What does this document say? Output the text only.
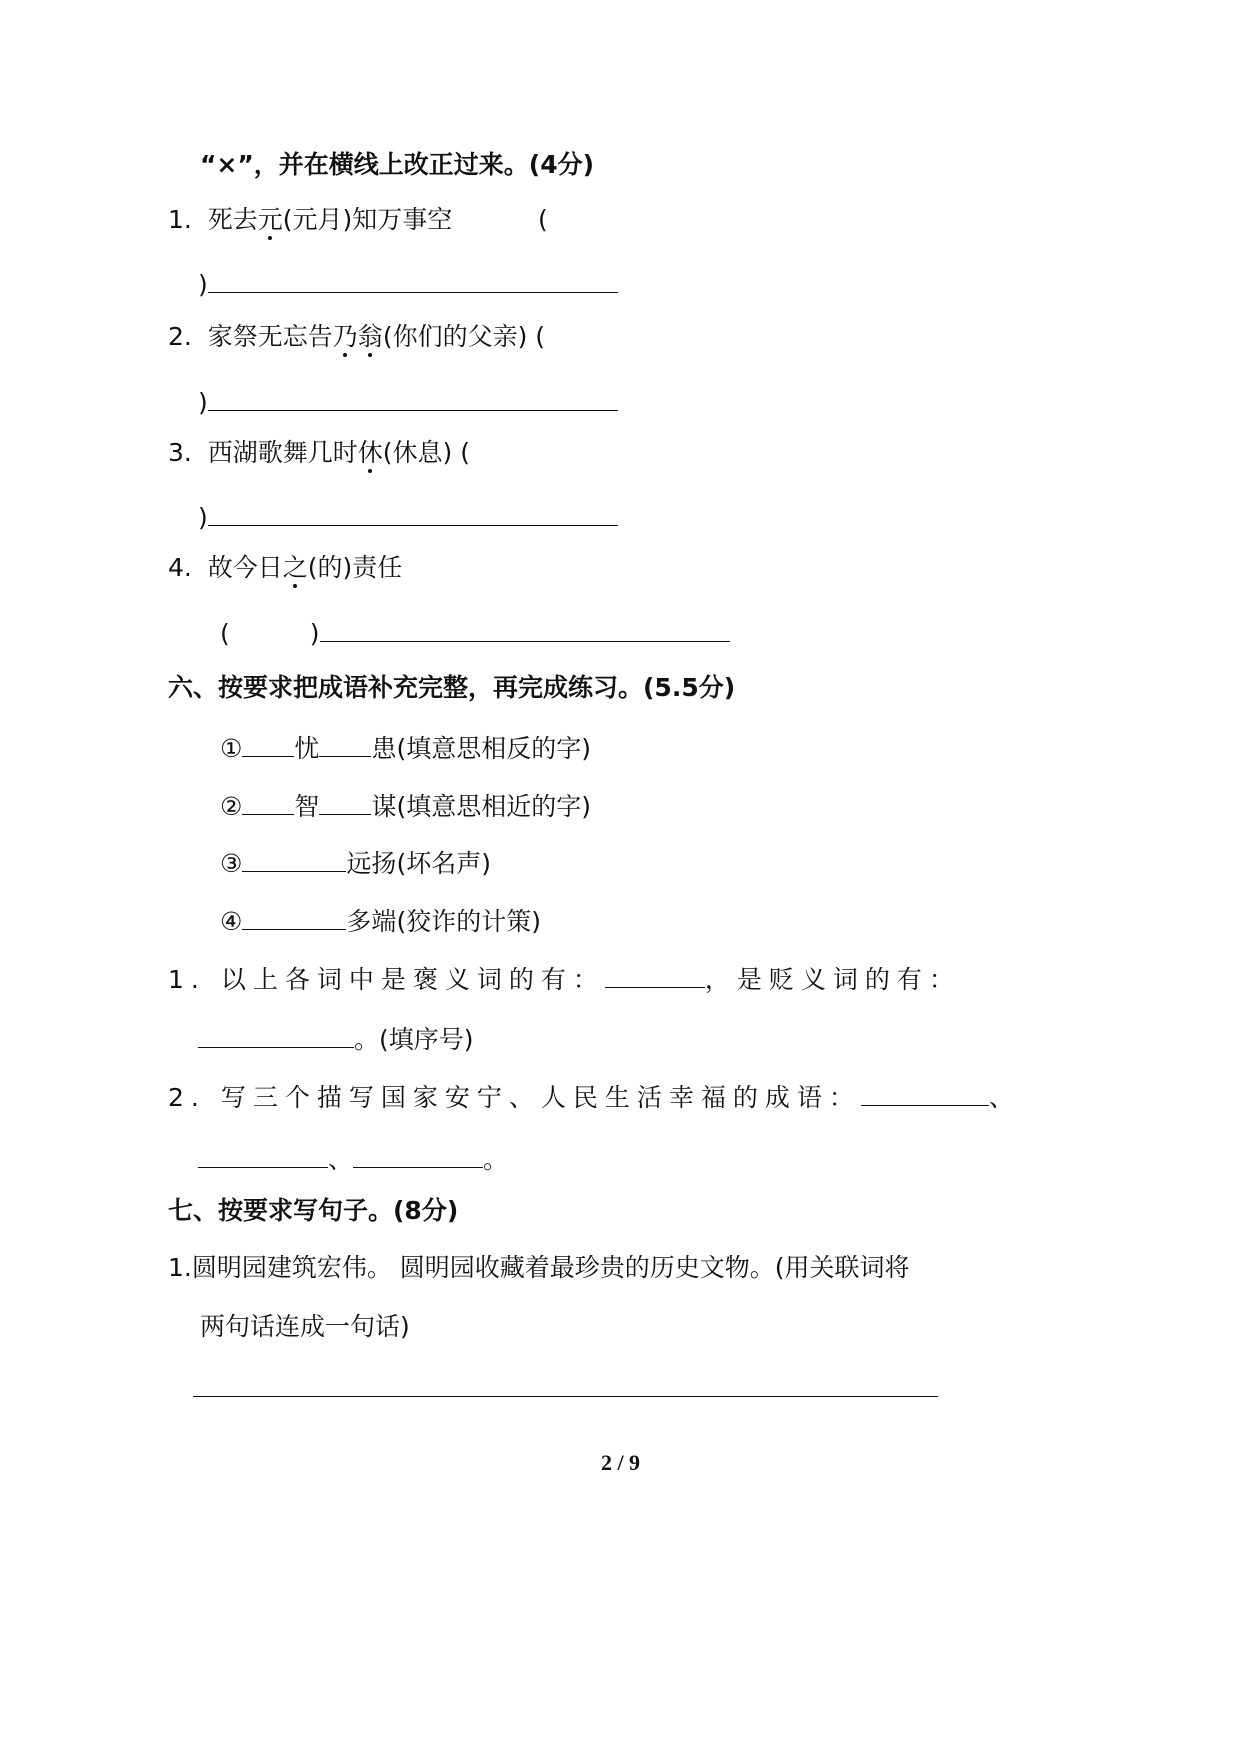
“×”，并在横线上改正过来。(4分)
1. 死去元(元月)知万事空	(
)
2. 家祭无忘告乃翁(你们的父亲) (
)
3. 西湖歌舞几时休(休息) (
)
4. 故今日之(的)责任
(	)
六、按要求把成语补充完整，再完成练习。(5.5分)
① 忧 患(填意思相反的字)
② 智 谋(填意思相近的字)
③	远扬(坏名声)
④	多端(狡诈的计策)
1. 以上各词中是褒义词的有：	，是贬义词的有：
。(填序号)
2. 写三个描写国家安宁、人民生活幸福的成语：	、
、	。
七、按要求写句子。(8分)
1.圆明园建筑宏伟。 圆明园收藏着最珍贵的历史文物。(用关联词将
两句话连成一句话)
2 / 9
